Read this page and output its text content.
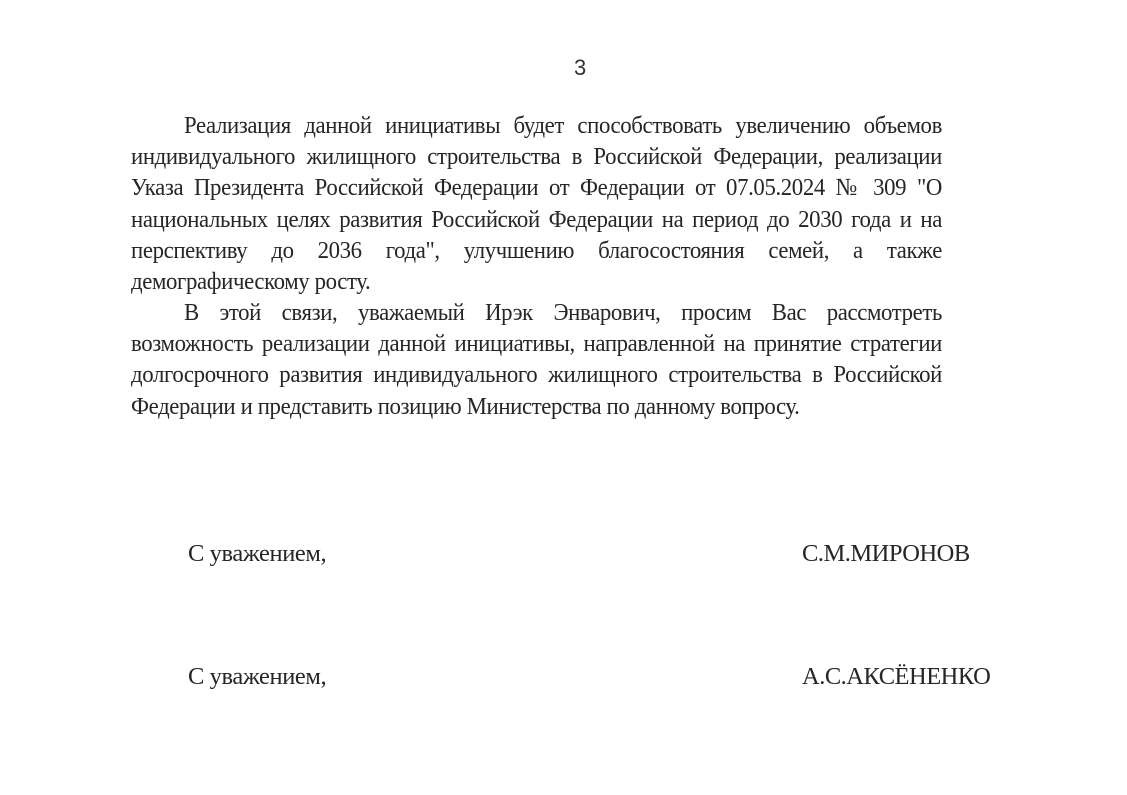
3

Реализация данной инициативы будет способствовать увеличению объемов индивидуального жилищного строительства в Российской Федерации, реализации Указа Президента Российской Федерации от Федерации от 07.05.2024 № 309 "О национальных целях развития Российской Федерации на период до 2030 года и на перспективу до 2036 года", улучшению благосостояния семей, а также демографическому росту.

В этой связи, уважаемый Ирэк Энварович, просим Вас рассмотреть возможность реализации данной инициативы, направленной на принятие стратегии долгосрочного развития индивидуального жилищного строительства в Российской Федерации и представить позицию Министерства по данному вопросу.

С уважением,	С.М.МИРОНОВ
С уважением,	А.С.АКСЁНЕНКО
